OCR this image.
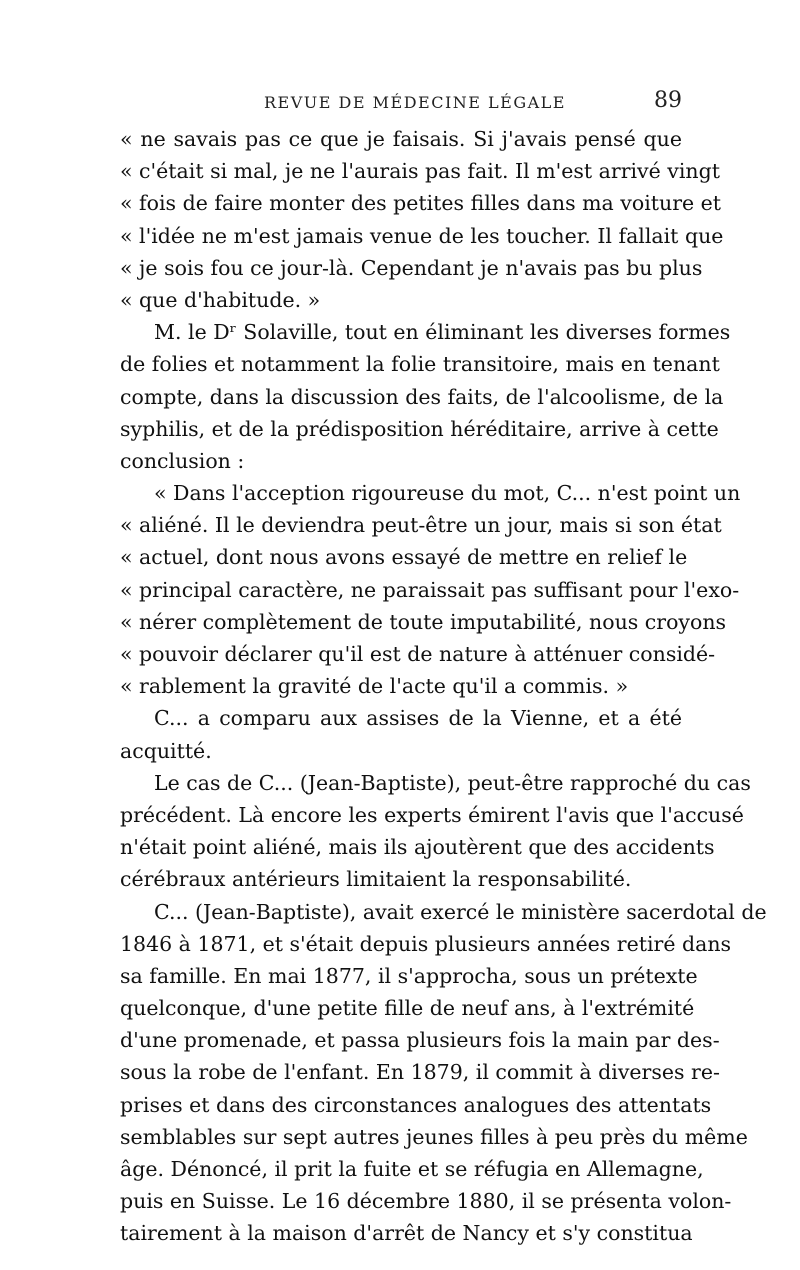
REVUE DE MÉDECINE LÉGALE	89
« ne savais pas ce que je faisais. Si j'avais pensé que
« c'était si mal, je ne l'aurais pas fait. Il m'est arrivé vingt
« fois de faire monter des petites filles dans ma voiture et
« l'idée ne m'est jamais venue de les toucher. Il fallait que
« je sois fou ce jour-là. Cependant je n'avais pas bu plus
« que d'habitude. »
M. le Dʳ Solaville, tout en éliminant les diverses formes
de folies et notamment la folie transitoire, mais en tenant
compte, dans la discussion des faits, de l'alcoolisme, de la
syphilis, et de la prédisposition héréditaire, arrive à cette
conclusion :
« Dans l'acception rigoureuse du mot, C... n'est point un
« aliéné. Il le deviendra peut-être un jour, mais si son état
« actuel, dont nous avons essayé de mettre en relief le
« principal caractère, ne paraissait pas suffisant pour l'exo-
« nérer complètement de toute imputabilité, nous croyons
« pouvoir déclarer qu'il est de nature à atténuer considé-
« rablement la gravité de l'acte qu'il a commis. »
C... a comparu aux assises de la Vienne, et a été
acquitté.
Le cas de C... (Jean-Baptiste), peut-être rapproché du cas
précédent. Là encore les experts émirent l'avis que l'accusé
n'était point aliéné, mais ils ajoutèrent que des accidents
cérébraux antérieurs limitaient la responsabilité.
C... (Jean-Baptiste), avait exercé le ministère sacerdotal de
1846 à 1871, et s'était depuis plusieurs années retiré dans
sa famille. En mai 1877, il s'approcha, sous un prétexte
quelconque, d'une petite fille de neuf ans, à l'extrémité
d'une promenade, et passa plusieurs fois la main par des-
sous la robe de l'enfant. En 1879, il commit à diverses re-
prises et dans des circonstances analogues des attentats
semblables sur sept autres jeunes filles à peu près du même
âge. Dénoncé, il prit la fuite et se réfugia en Allemagne,
puis en Suisse. Le 16 décembre 1880, il se présenta volon-
tairement à la maison d'arrêt de Nancy et s'y constitua
